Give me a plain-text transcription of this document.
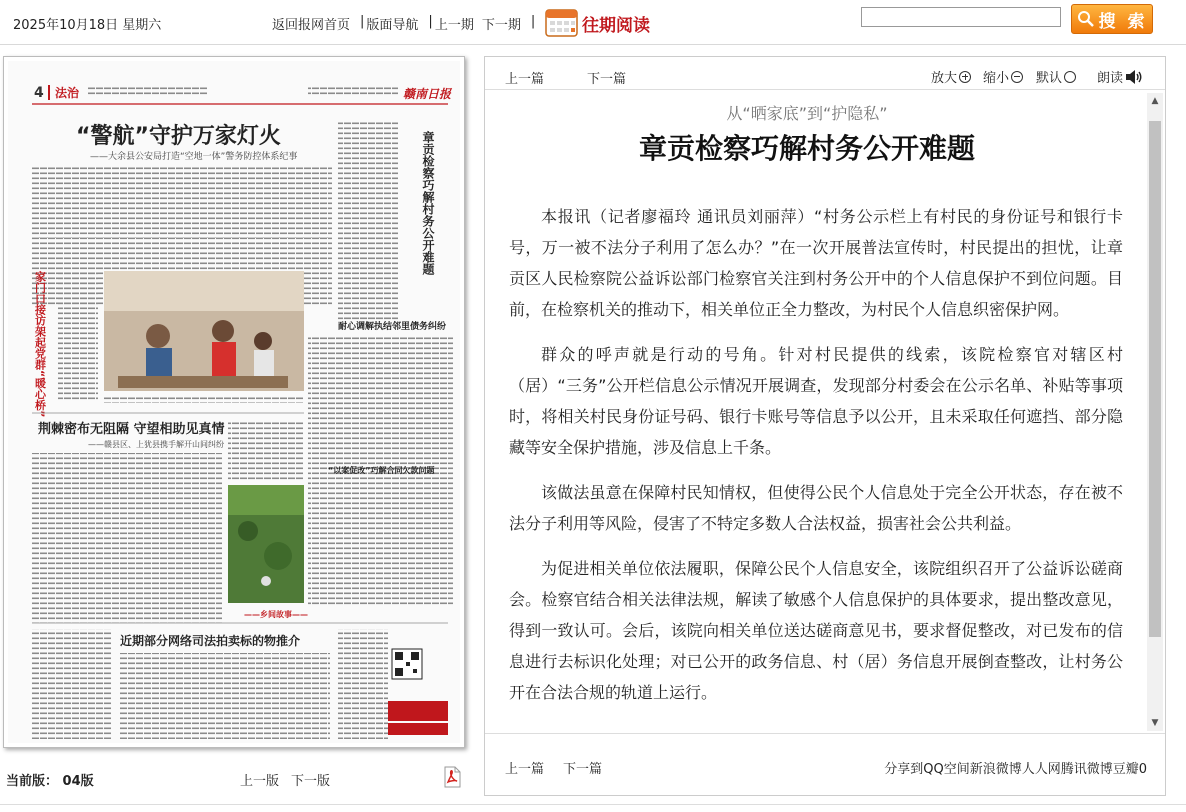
2025年10月18日 星期六	返回报网首页 | 版面导航 | 上一期 下一期 |	往期阅读	搜 索
4 法治	赣南日报
“警航”守护万家灯火
——大余县公安局打造“空地一体”警务防控体系纪事	章贡检察巧解村务公开难题
家门口接访架起党群“暖心桥”	耐心调解执结邻里债务纠纷
荆棘密布无阻隔 守望相助见真情
——赣县区、上犹县携手解开山间纠纷
——乡间故事——
“以案促改”巧解合同欠款问题
近期部分网络司法拍卖标的物推介
当前版： 04版	上一版 下一版
上一篇	下一篇	放大 缩小 默认	朗读
从“晒家底”到“护隐私”
章贡检察巧解村务公开难题

本报讯（记者廖福玲 通讯员刘丽萍）“村务公示栏上有村民的身份证号和银行卡号，万一被不法分子利用了怎么办？”在一次开展普法宣传时，村民提出的担忧，让章贡区人民检察院公益诉讼部门检察官关注到村务公开中的个人信息保护不到位问题。目前，在检察机关的推动下，相关单位正全力整改，为村民个人信息织密保护网。

群众的呼声就是行动的号角。针对村民提供的线索，该院检察官对辖区村（居）“三务”公开栏信息公示情况开展调查，发现部分村委会在公示名单、补贴等事项时，将相关村民身份证号码、银行卡账号等信息予以公开，且未采取任何遮挡、部分隐藏等安全保护措施，涉及信息上千条。

该做法虽意在保障村民知情权，但使得公民个人信息处于完全公开状态，存在被不法分子利用等风险，侵害了不特定多数人合法权益，损害社会公共利益。

为促进相关单位依法履职，保障公民个人信息安全，该院组织召开了公益诉讼磋商会。检察官结合相关法律法规，解读了敏感个人信息保护的具体要求，提出整改意见，得到一致认可。会后，该院向相关单位送达磋商意见书，要求督促整改，对已发布的信息进行去标识化处理；对已公开的政务信息、村（居）务信息开展倒查整改，让村务公开在合法合规的轨道上运行。

▲
▼
上一篇 下一篇	分享到QQ空间新浪微博人人网腾讯微博豆瓣0
